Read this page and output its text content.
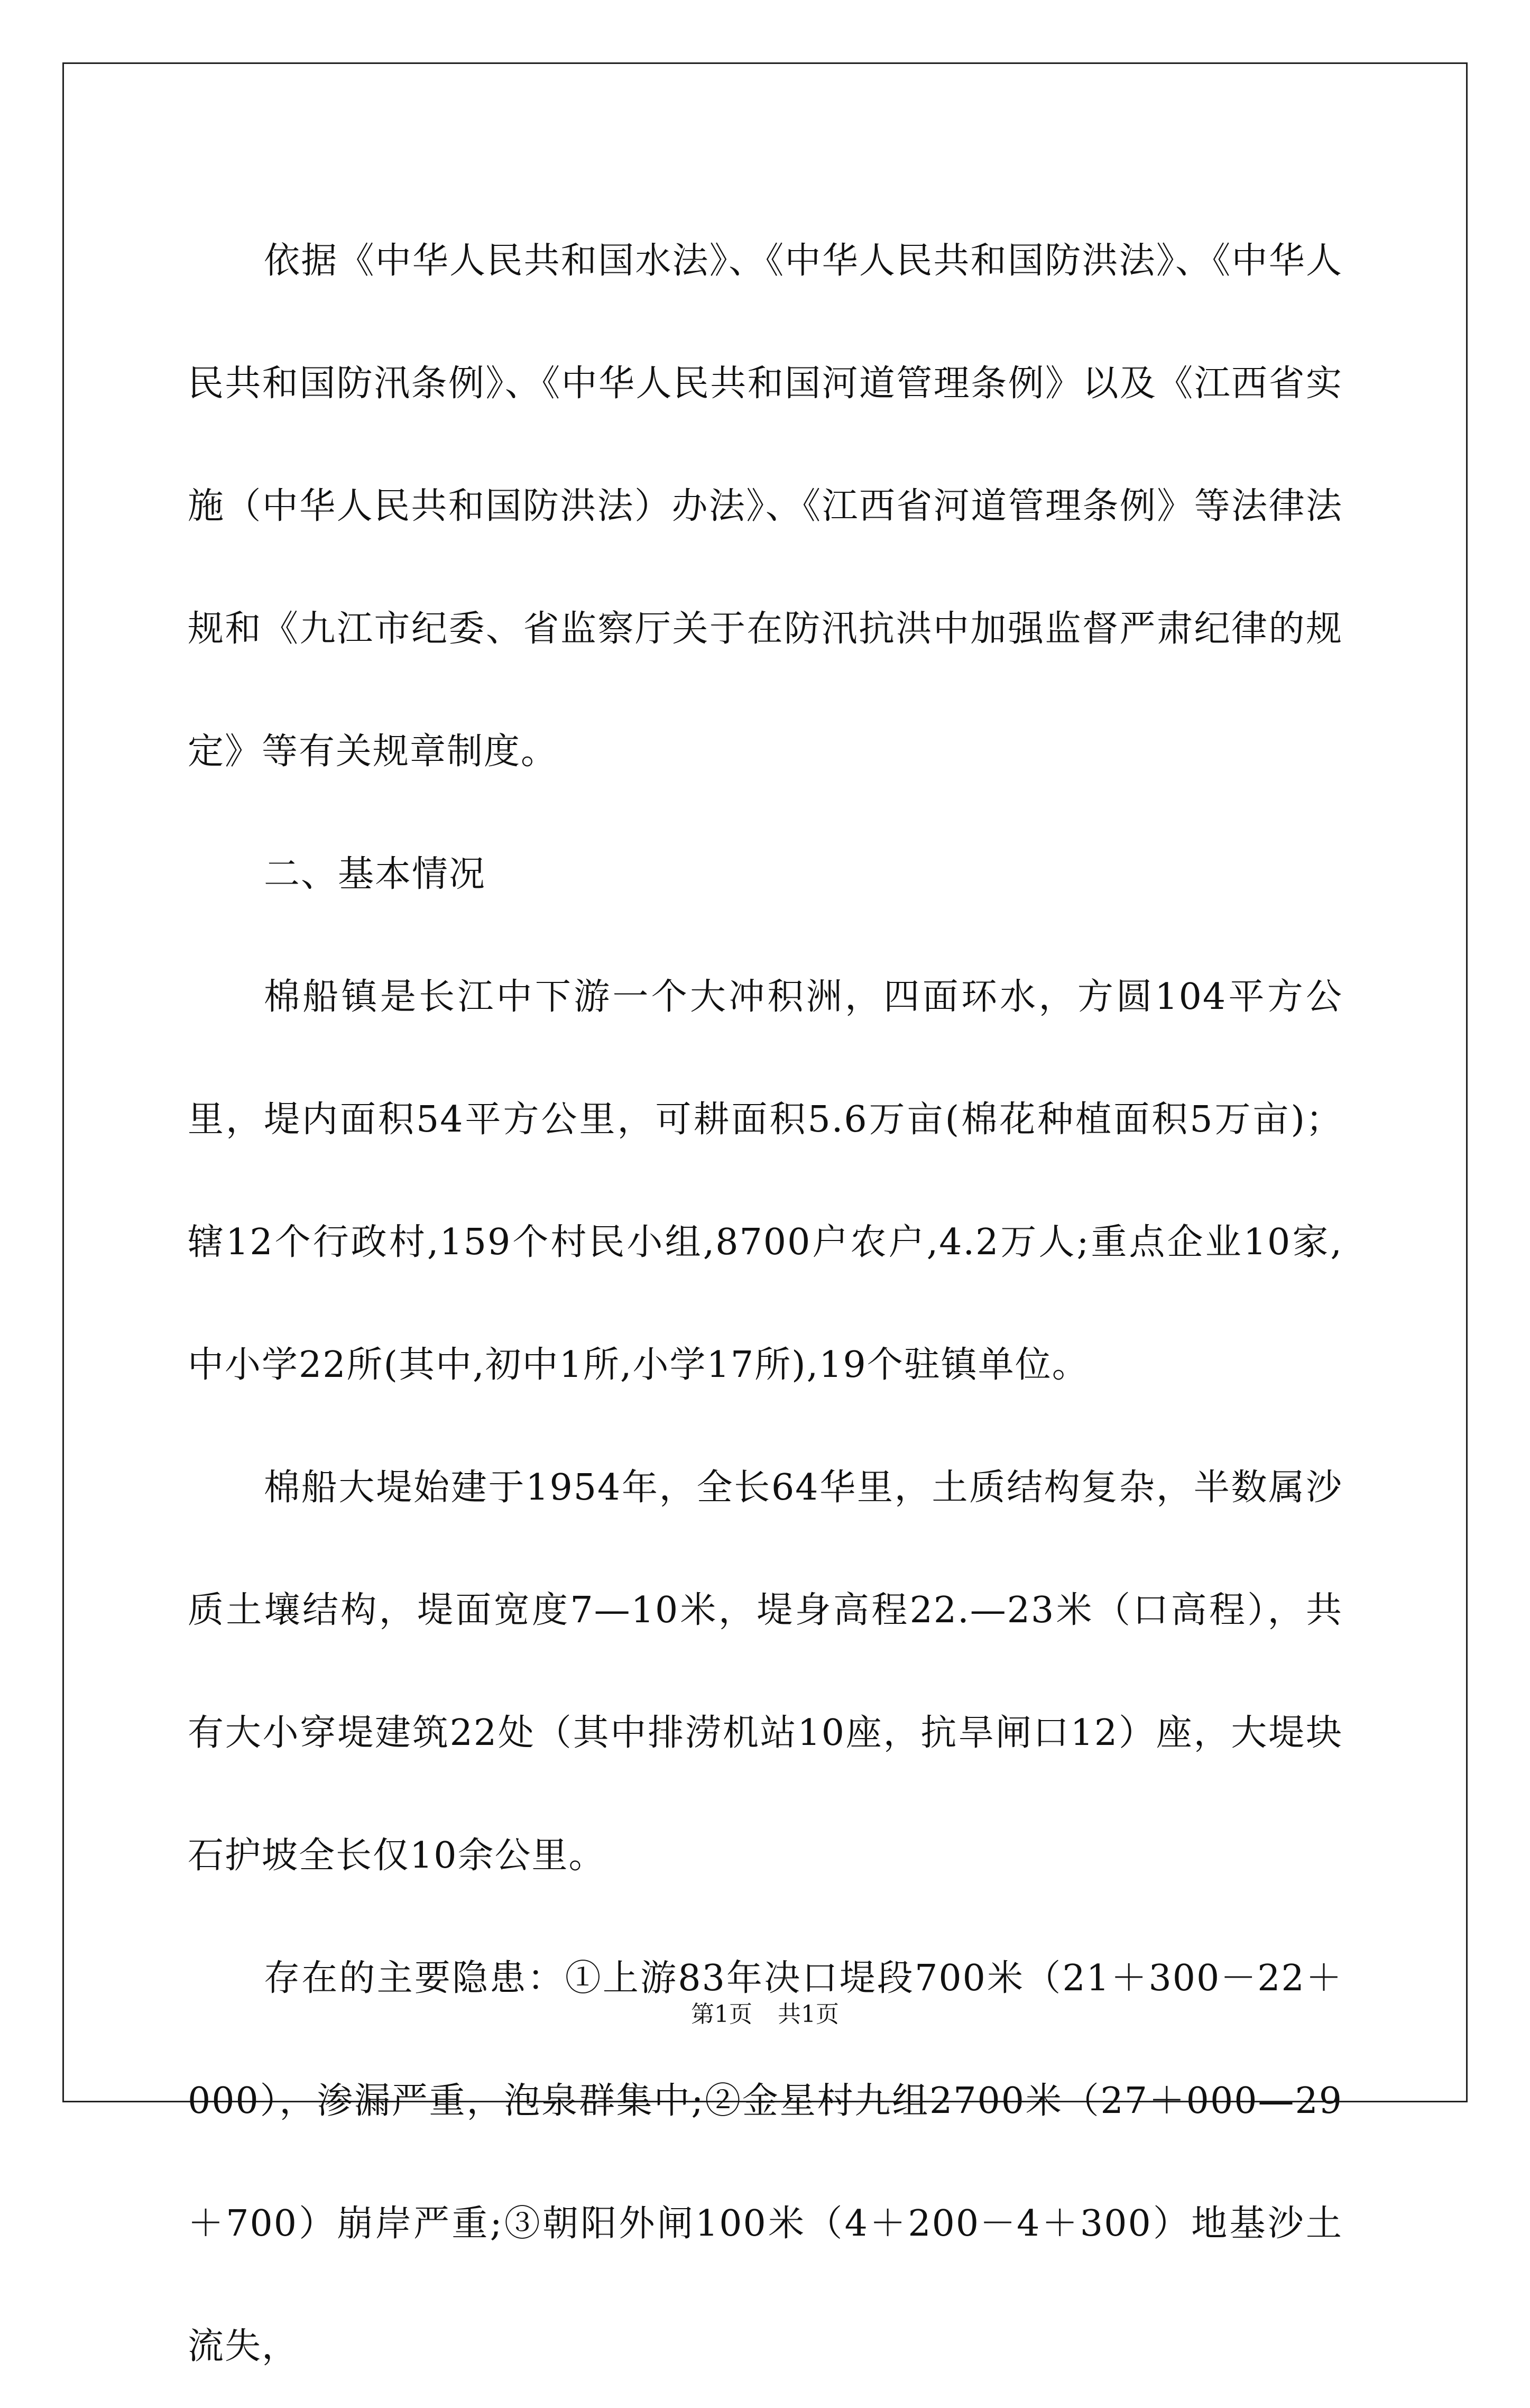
依据《中华人民共和国水法》、《中华人民共和国防洪法》、《中华人民共和国防汛条例》、《中华人民共和国河道管理条例》以及《江西省实施（中华人民共和国防洪法）办法》、《江西省河道管理条例》等法律法规和《九江市纪委、省监察厅关于在防汛抗洪中加强监督严肃纪律的规定》等有关规章制度。

二、基本情况

棉船镇是长江中下游一个大冲积洲，四面环水，方圆104平方公里，堤内面积54平方公里，可耕面积5.6万亩(棉花种植面积5万亩)；辖12个行政村,159个村民小组,8700户农户,4.2万人;重点企业10家,中小学22所(其中,初中1所,小学17所),19个驻镇单位。

棉船大堤始建于1954年，全长64华里，土质结构复杂，半数属沙质土壤结构，堤面宽度7—10米，堤身高程22.—23米（口高程），共有大小穿堤建筑22处（其中排涝机站10座，抗旱闸口12）座，大堤块石护坡全长仅10余公里。

存在的主要隐患：①上游83年决口堤段700米（21＋300－22＋000），渗漏严重，泡泉群集中;②金星村九组2700米（27＋000—29＋700）崩岸严重;③朝阳外闸100米（4＋200－4＋300）地基沙土流失，

第1页 共1页
